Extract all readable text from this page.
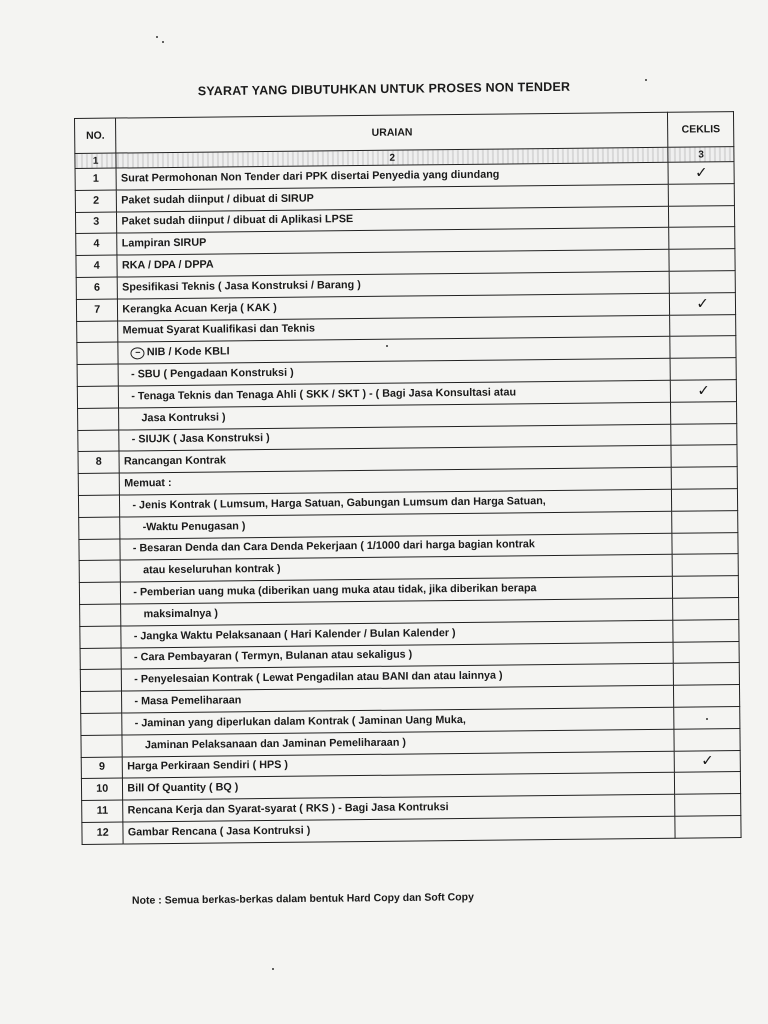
SYARAT YANG DIBUTUHKAN UNTUK PROSES NON TENDER
NO.	URAIAN	CEKLIS
1	2	3
1	Surat Permohonan Non Tender dari PPK disertai Penyedia yang diundang	✓
2	Paket sudah diinput / dibuat di SIRUP	
3	Paket sudah diinput / dibuat di Aplikasi LPSE	
4	Lampiran SIRUP	
4	RKA / DPA / DPPA	
6	Spesifikasi Teknis ( Jasa Konstruksi / Barang )	
7	Kerangka Acuan Kerja ( KAK )	✓
	Memuat Syarat Kualifikasi dan Teknis	
	− NIB / Kode KBLI	
	- SBU ( Pengadaan Konstruksi )	
	- Tenaga Teknis dan Tenaga Ahli ( SKK / SKT ) - ( Bagi Jasa Konsultasi atau	✓
	Jasa Kontruksi )	
	- SIUJK ( Jasa Konstruksi )	
8	Rancangan Kontrak	
	Memuat :	
	- Jenis Kontrak ( Lumsum, Harga Satuan, Gabungan Lumsum dan Harga Satuan,	
	-Waktu Penugasan )	
	- Besaran Denda dan Cara Denda Pekerjaan ( 1/1000 dari harga bagian kontrak	
	atau keseluruhan kontrak )	
	- Pemberian uang muka (diberikan uang muka atau tidak, jika diberikan berapa	
	maksimalnya )	
	- Jangka Waktu Pelaksanaan ( Hari Kalender / Bulan Kalender )	
	- Cara Pembayaran ( Termyn, Bulanan atau sekaligus )	
	- Penyelesaian Kontrak ( Lewat Pengadilan atau BANI dan atau lainnya )	
	- Masa Pemeliharaan	
	- Jaminan yang diperlukan dalam Kontrak ( Jaminan Uang Muka,	
	Jaminan Pelaksanaan dan Jaminan Pemeliharaan )	
9	Harga Perkiraan Sendiri ( HPS )	✓
10	Bill Of Quantity ( BQ )	
11	Rencana Kerja dan Syarat-syarat ( RKS ) - Bagi Jasa Kontruksi	
12	Gambar Rencana ( Jasa Kontruksi )	
Note : Semua berkas-berkas dalam bentuk Hard Copy dan Soft Copy
